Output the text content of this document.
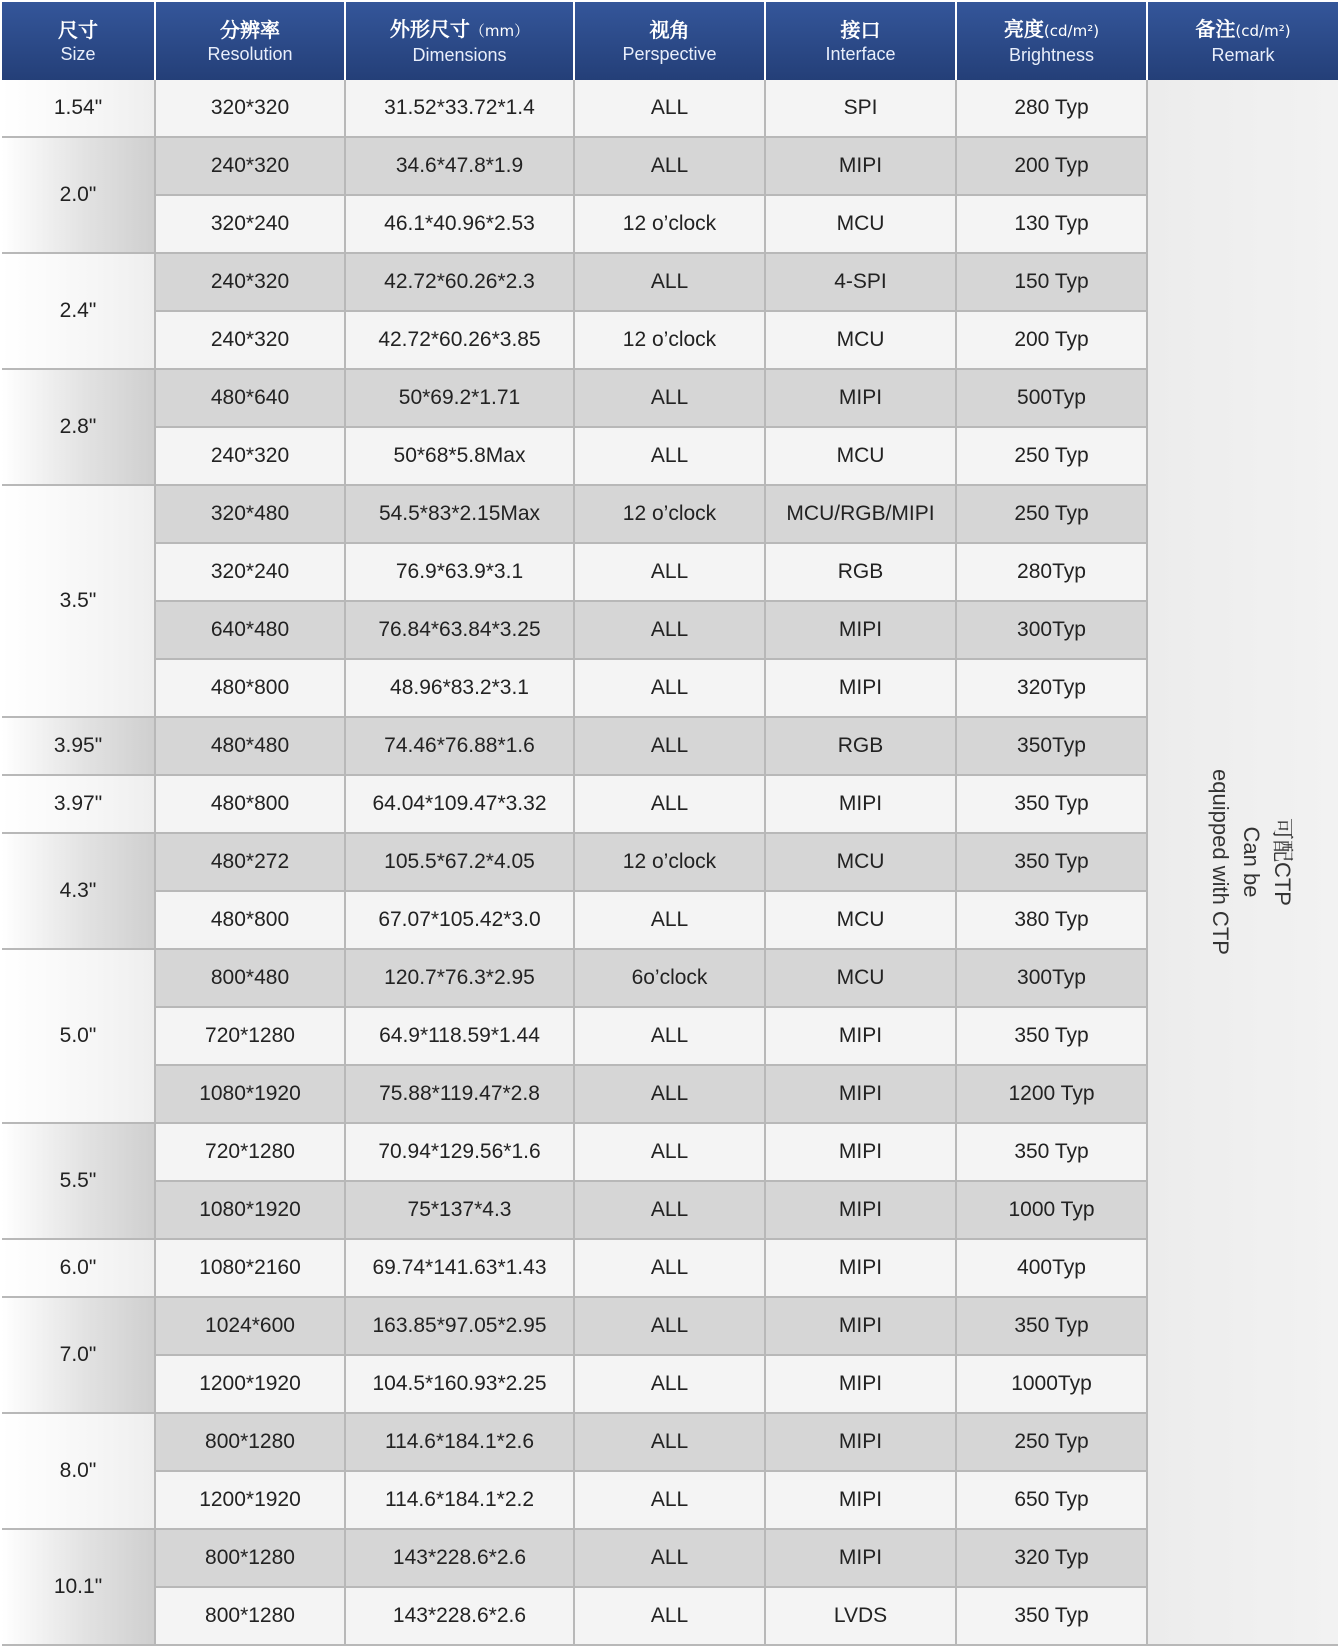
尺寸
Size	分辨率
Resolution	外形尺寸（mm）
Dimensions	视角
Perspective	接口
Interface	亮度(cd/m²)
Brightness	备注(cd/m²)
Remark

1.54"	320*320	31.52*33.72*1.4	ALL	SPI	280 Typ	可配CTP
Can be
equipped with CTP

2.0"	240*320	34.6*47.8*1.9	ALL	MIPI	200 Typ	
	320*240	46.1*40.96*2.53	12 o’clock	MCU	130 Typ	
2.4"	240*320	42.72*60.26*2.3	ALL	4-SPI	150 Typ	
	240*320	42.72*60.26*3.85	12 o’clock	MCU	200 Typ	
2.8"	480*640	50*69.2*1.71	ALL	MIPI	500Typ	
	240*320	50*68*5.8Max	ALL	MCU	250 Typ	
3.5"	320*480	54.5*83*2.15Max	12 o’clock	MCU/RGB/MIPI	250 Typ	
	320*240	76.9*63.9*3.1	ALL	RGB	280Typ	
	640*480	76.84*63.84*3.25	ALL	MIPI	300Typ	
	480*800	48.96*83.2*3.1	ALL	MIPI	320Typ	
3.95"	480*480	74.46*76.88*1.6	ALL	RGB	350Typ	
3.97"	480*800	64.04*109.47*3.32	ALL	MIPI	350 Typ	
4.3"	480*272	105.5*67.2*4.05	12 o’clock	MCU	350 Typ	
	480*800	67.07*105.42*3.0	ALL	MCU	380 Typ	
5.0"	800*480	120.7*76.3*2.95	6o’clock	MCU	300Typ	
	720*1280	64.9*118.59*1.44	ALL	MIPI	350 Typ	
	1080*1920	75.88*119.47*2.8	ALL	MIPI	1200 Typ	
5.5"	720*1280	70.94*129.56*1.6	ALL	MIPI	350 Typ	
	1080*1920	75*137*4.3	ALL	MIPI	1000 Typ	
6.0"	1080*2160	69.74*141.63*1.43	ALL	MIPI	400Typ	
7.0"	1024*600	163.85*97.05*2.95	ALL	MIPI	350 Typ	
	1200*1920	104.5*160.93*2.25	ALL	MIPI	1000Typ	
8.0"	800*1280	114.6*184.1*2.6	ALL	MIPI	250 Typ	
	1200*1920	114.6*184.1*2.2	ALL	MIPI	650 Typ	
10.1"	800*1280	143*228.6*2.6	ALL	MIPI	320 Typ	
	800*1280	143*228.6*2.6	ALL	LVDS	350 Typ	
